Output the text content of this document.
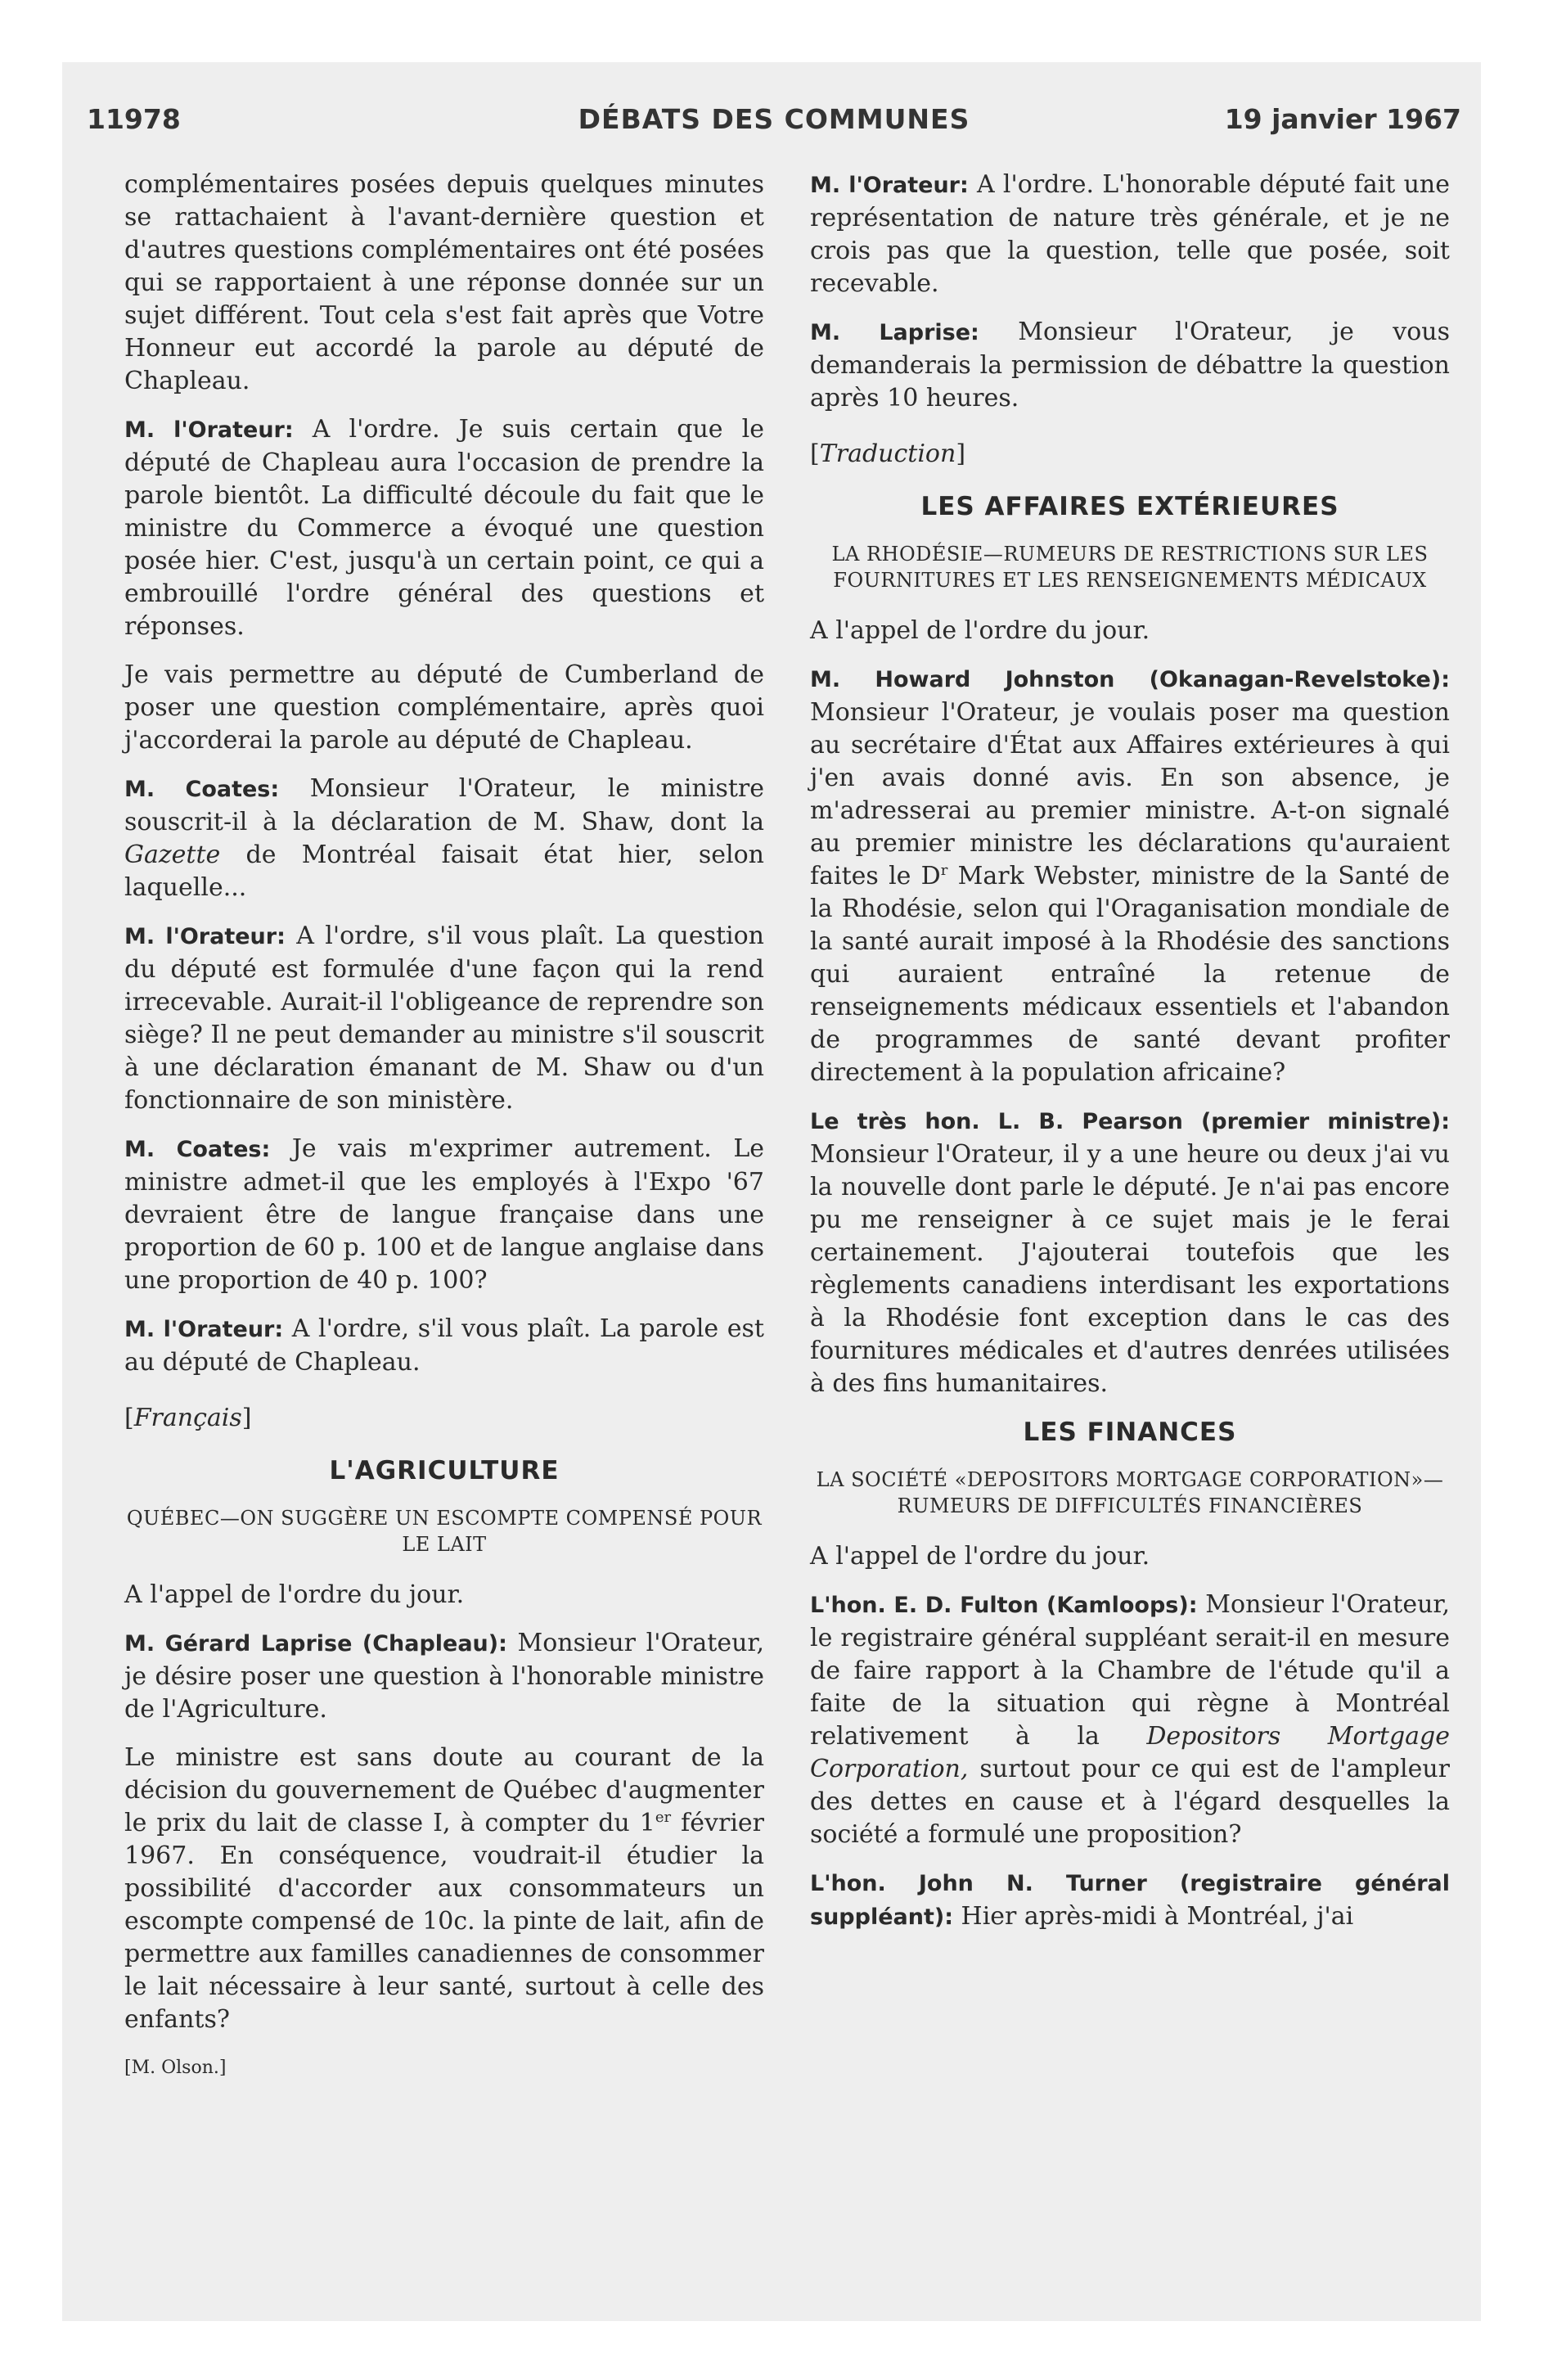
11978	DÉBATS DES COMMUNES	19 janvier 1967

complémentaires posées depuis quelques minutes se rattachaient à l'avant-dernière question et d'autres questions complémentaires ont été posées qui se rapportaient à une réponse donnée sur un sujet différent. Tout cela s'est fait après que Votre Honneur eut accordé la parole au député de Chapleau.

M. l'Orateur: A l'ordre. Je suis certain que le député de Chapleau aura l'occasion de prendre la parole bientôt. La difficulté découle du fait que le ministre du Commerce a évoqué une question posée hier. C'est, jusqu'à un certain point, ce qui a embrouillé l'ordre général des questions et réponses.

Je vais permettre au député de Cumberland de poser une question complémentaire, après quoi j'accorderai la parole au député de Chapleau.

M. Coates: Monsieur l'Orateur, le ministre souscrit-il à la déclaration de M. Shaw, dont la Gazette de Montréal faisait état hier, selon laquelle...

M. l'Orateur: A l'ordre, s'il vous plaît. La question du député est formulée d'une façon qui la rend irrecevable. Aurait-il l'obligeance de reprendre son siège? Il ne peut demander au ministre s'il souscrit à une déclaration émanant de M. Shaw ou d'un fonctionnaire de son ministère.

M. Coates: Je vais m'exprimer autrement. Le ministre admet-il que les employés à l'Expo '67 devraient être de langue française dans une proportion de 60 p. 100 et de langue anglaise dans une proportion de 40 p. 100?

M. l'Orateur: A l'ordre, s'il vous plaît. La parole est au député de Chapleau.

[Français]

L'AGRICULTURE
QUÉBEC—ON SUGGÈRE UN ESCOMPTE COMPENSÉ POUR LE LAIT

A l'appel de l'ordre du jour.

M. Gérard Laprise (Chapleau): Monsieur l'Orateur, je désire poser une question à l'honorable ministre de l'Agriculture.

Le ministre est sans doute au courant de la décision du gouvernement de Québec d'augmenter le prix du lait de classe I, à compter du 1er février 1967. En conséquence, voudrait-il étudier la possibilité d'accorder aux consommateurs un escompte compensé de 10c. la pinte de lait, afin de permettre aux familles canadiennes de consommer le lait nécessaire à leur santé, surtout à celle des enfants?

[M. Olson.]

M. l'Orateur: A l'ordre. L'honorable député fait une représentation de nature très générale, et je ne crois pas que la question, telle que posée, soit recevable.

M. Laprise: Monsieur l'Orateur, je vous demanderais la permission de débattre la question après 10 heures.

[Traduction]

LES AFFAIRES EXTÉRIEURES
LA RHODÉSIE—RUMEURS DE RESTRICTIONS SUR LES FOURNITURES ET LES RENSEIGNEMENTS MÉDICAUX

A l'appel de l'ordre du jour.

M. Howard Johnston (Okanagan-Revelstoke): Monsieur l'Orateur, je voulais poser ma question au secrétaire d'État aux Affaires extérieures à qui j'en avais donné avis. En son absence, je m'adresserai au premier ministre. A-t-on signalé au premier ministre les déclarations qu'auraient faites le $D^r$ Mark Webster, ministre de la Santé de la Rhodésie, selon qui l'Oraganisation mondiale de la santé aurait imposé à la Rhodésie des sanctions qui auraient entraîné la retenue de renseignements médicaux essentiels et l'abandon de programmes de santé devant profiter directement à la population africaine?

Le très hon. L. B. Pearson (premier ministre): Monsieur l'Orateur, il y a une heure ou deux j'ai vu la nouvelle dont parle le député. Je n'ai pas encore pu me renseigner à ce sujet mais je le ferai certainement. J'ajouterai toutefois que les règlements canadiens interdisant les exportations à la Rhodésie font exception dans le cas des fournitures médicales et d'autres denrées utilisées à des fins humanitaires.

LES FINANCES
LA SOCIÉTÉ «DEPOSITORS MORTGAGE CORPORATION»—RUMEURS DE DIFFICULTÉS FINANCIÈRES

A l'appel de l'ordre du jour.

L'hon. E. D. Fulton (Kamloops): Monsieur l'Orateur, le registraire général suppléant serait-il en mesure de faire rapport à la Chambre de l'étude qu'il a faite de la situation qui règne à Montréal relativement à la Depositors Mortgage Corporation, surtout pour ce qui est de l'ampleur des dettes en cause et à l'égard desquelles la société a formulé une proposition?

L'hon. John N. Turner (registraire général suppléant): Hier après-midi à Montréal, j'ai
